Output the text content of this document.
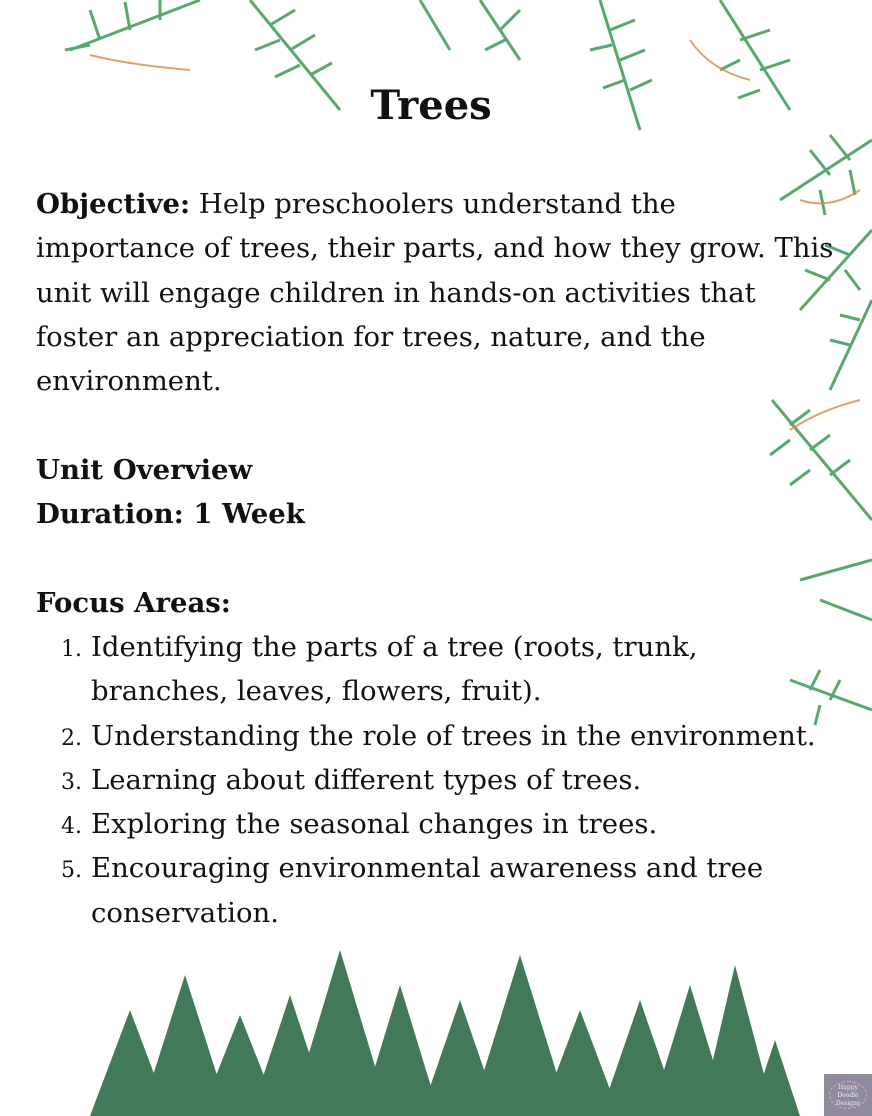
Trees

Objective: Help preschoolers understand the importance of trees, their parts, and how they grow. This unit will engage children in hands-on activities that foster an appreciation for trees, nature, and the environment.

Unit Overview

Duration: 1 Week

Focus Areas:

1. Identifying the parts of a tree (roots, trunk, branches, leaves, flowers, fruit).
2. Understanding the role of trees in the environment.
3. Learning about different types of trees.
4. Exploring the seasonal changes in trees.
5. Encouraging environmental awareness and tree conservation.
Happy
Doodle
Designs
